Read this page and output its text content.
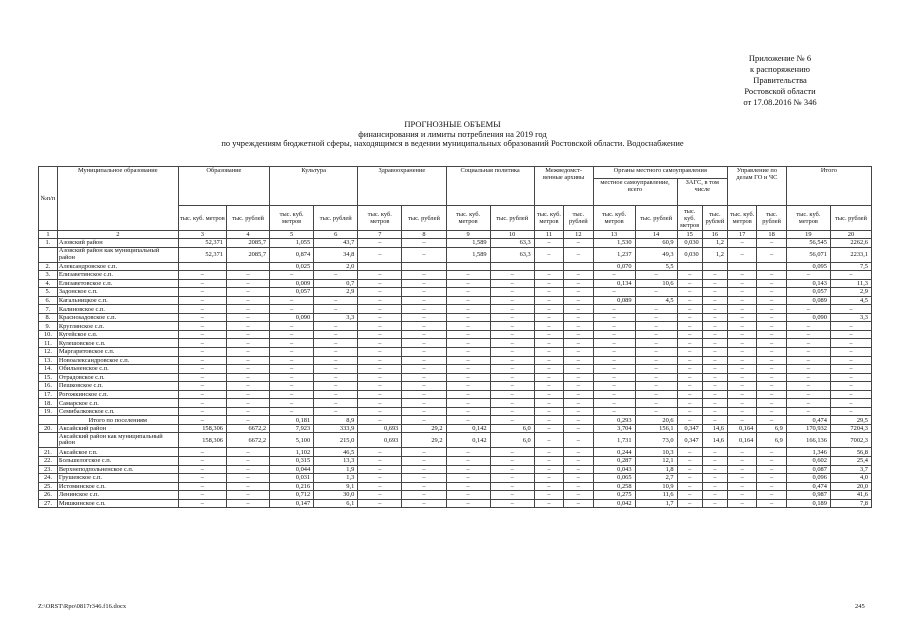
Приложение № 6
к распоряжению
Правительства
Ростовской области
от 17.08.2016 № 346
ПРОГНОЗНЫЕ ОБЪЕМЫ
финансирования и лимиты потребления на 2019 год
по учреждениям бюджетной сферы, находящимся в ведении муниципальных образований Ростовской области. Водоснабжение
№п/п	Муниципальное образование	Образование		Культура		Здравоохранение		Социальная политика		Межведомст-венные архивы		Органы местного самоуправления				Управление по делам ГО и ЧС		Итого	
												местное самоуправление, всего		ЗАГС, в том числе					
		тыс. куб. метров	тыс. рублей	тыс. куб. метров	тыс. рублей	тыс. куб. метров	тыс. рублей	тыс. куб. метров	тыс. рублей	тыс. куб. метров	тыс. рублей	тыс. куб. метров	тыс. рублей	тыс. куб. метров	тыс. рублей	тыс. куб. метров	тыс. рублей	тыс. куб. метров	тыс. рублей
1	2	3	4	5	6	7	8	9	10	11	12	13	14	15	16	17	18	19	20
1.	Азовский район	52,371	2085,7	1,055	43,7	–	–	1,589	63,3	–	–	1,530	60,9	0,030	1,2	–	–	56,545	2262,6
	Азовский район как муниципальный район	52,371	2085,7	0,874	34,8	–	–	1,589	63,3	–	–	1,237	49,3	0,030	1,2	–	–	56,071	2233,1
2.	Александровское с.п.			0,025	2,0							0,070	5,5					0,095	7,5
3.	Елизаветинское с.п.	–	–	–	–	–	–	–	–	–	–	–	–	–	–	–	–	–	–
4.	Елизаветовское с.п.	–	–	0,009	0,7	–	–	–	–	–	–	0,134	10,6	–	–	–	–	0,143	11,3
5.	Задонское с.п.	–	–	0,057	2,9	–	–	–	–	–	–	–	–	–	–	–	–	0,057	2,9
6.	Кагальницкое с.п.	–	–	–	–	–	–	–	–	–	–	0,089	4,5	–	–	–	–	0,089	4,5
7.	Калиновское с.п.	–	–	–	–	–	–	–	–	–	–	–	–	–	–	–	–	–	–
8.	Краснosадовское с.п.	–	–	0,090	3,3	–	–	–	–	–	–	–	–	–	–	–	–	0,090	3,3
9.	Круглянское с.п.	–	–	–	–	–	–	–	–	–	–	–	–	–	–	–	–	–	–
10.	Кугейское с.п.	–	–	–	–	–	–	–	–	–	–	–	–	–	–	–	–	–	–
11.	Кулешовское с.п.	–	–	–	–	–	–	–	–	–	–	–	–	–	–	–	–	–	–
12.	Маргаритовское с.п.	–	–	–	–	–	–	–	–	–	–	–	–	–	–	–	–	–	–
13.	Новоалександровское с.п.	–	–	–	–	–	–	–	–	–	–	–	–	–	–	–	–	–	–
14.	Обильненское с.п.	–	–	–	–	–	–	–	–	–	–	–	–	–	–	–	–	–	–
15.	Отрадовское с.п.	–	–	–	–	–	–	–	–	–	–	–	–	–	–	–	–	–	–
16.	Пешковское с.п.	–	–	–	–	–	–	–	–	–	–	–	–	–	–	–	–	–	–
17.	Рогожкинское с.п.	–	–	–	–	–	–	–	–	–	–	–	–	–	–	–	–	–	–
18.	Самарское с.п.	–	–	–	–	–	–	–	–	–	–	–	–	–	–	–	–	–	–
19.	Семибалковское с.п.	–	–	–	–	–	–	–	–	–	–	–	–	–	–	–	–	–	–
	Итого по поселениям	–	–	0,181	8,9	–	–	–	–	–	–	0,293	20,6	–	–	–	–	0,474	29,5
20.	Аксайский район	158,306	6672,2	7,923	333,9	0,693	29,2	0,142	6,0	–	–	3,704	156,1	0,347	14,6	0,164	6,9	170,932	7204,3
	Аксайский район как муниципальный район	158,306	6672,2	5,100	215,0	0,693	29,2	0,142	6,0	–	–	1,731	73,0	0,347	14,6	0,164	6,9	166,136	7002,3
21.	Аксайское г.п.	–	–	1,102	46,5	–	–	–	–	–	–	0,244	10,3	–	–	–	–	1,346	56,8
22.	Большелогское с.п.	–	–	0,315	13,3	–	–	–	–	–	–	0,287	12,1	–	–	–	–	0,602	25,4
23.	Верхнеподпольненское с.п.	–	–	0,044	1,9	–	–	–	–	–	–	0,043	1,8	–	–	–	–	0,087	3,7
24.	Грушевское с.п.	–	–	0,031	1,3	–	–	–	–	–	–	0,065	2,7	–	–	–	–	0,096	4,0
25.	Истоминское с.п.	–	–	0,216	9,1	–	–	–	–	–	–	0,258	10,9	–	–	–	–	0,474	20,0
26.	Ленинское с.п.	–	–	0,712	30,0	–	–	–	–	–	–	0,275	11,6	–	–	–	–	0,987	41,6
27.	Мишкинское с.п.	–	–	0,147	6,1	–	–	–	–	–	–	0,042	1,7	–	–	–	–	0,189	7,8
Z:\ORST\Rpo\0817r346.f16.docx	245
